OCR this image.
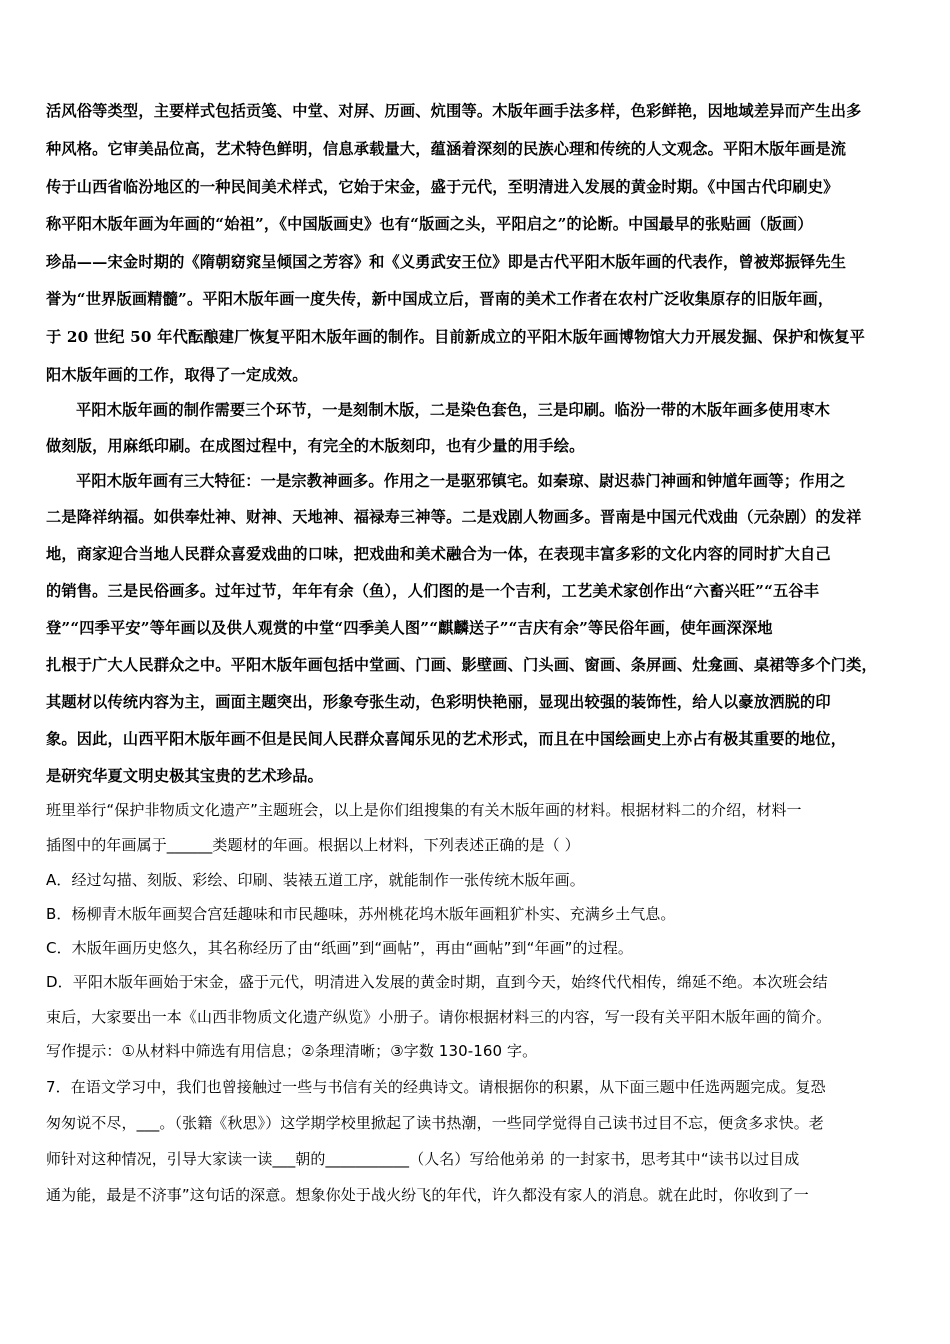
活风俗等类型，主要样式包括贡笺、中堂、对屏、历画、炕围等。木版年画手法多样，色彩鲜艳，因地域差异而产生出多
种风格。它审美品位高，艺术特色鲜明，信息承载量大，蕴涵着深刻的民族心理和传统的人文观念。平阳木版年画是流
传于山西省临汾地区的一种民间美术样式，它始于宋金，盛于元代，至明清进入发展的黄金时期。《中国古代印刷史》
称平阳木版年画为年画的“始祖”，《中国版画史》也有“版画之头，平阳启之”的论断。中国最早的张贴画（版画）
珍品——宋金时期的《隋朝窈窕呈倾国之芳容》和《义勇武安王位》即是古代平阳木版年画的代表作，曾被郑振铎先生
誉为“世界版画精髓”。平阳木版年画一度失传，新中国成立后，晋南的美术工作者在农村广泛收集原存的旧版年画，
于 20 世纪 50 年代酝酿建厂恢复平阳木版年画的制作。目前新成立的平阳木版年画博物馆大力开展发掘、保护和恢复平
阳木版年画的工作，取得了一定成效。
平阳木版年画的制作需要三个环节，一是刻制木版，二是染色套色，三是印刷。临汾一带的木版年画多使用枣木
做刻版，用麻纸印刷。在成图过程中，有完全的木版刻印，也有少量的用手绘。
平阳木版年画有三大特征：一是宗教神画多。作用之一是驱邪镇宅。如秦琼、尉迟恭门神画和钟馗年画等；作用之
二是降祥纳福。如供奉灶神、财神、天地神、福禄寿三神等。二是戏剧人物画多。晋南是中国元代戏曲（元杂剧）的发祥
地，商家迎合当地人民群众喜爱戏曲的口味，把戏曲和美术融合为一体，在表现丰富多彩的文化内容的同时扩大自己
的销售。三是民俗画多。过年过节，年年有余（鱼），人们图的是一个吉利，工艺美术家创作出“六畜兴旺”“五谷丰
登”“四季平安”等年画以及供人观赏的中堂“四季美人图”“麒麟送子”“吉庆有余”等民俗年画，使年画深深地
扎根于广大人民群众之中。平阳木版年画包括中堂画、门画、影壁画、门头画、窗画、条屏画、灶龛画、桌裙等多个门类，
其题材以传统内容为主，画面主题突出，形象夸张生动，色彩明快艳丽，显现出较强的装饰性，给人以豪放洒脱的印
象。因此，山西平阳木版年画不但是民间人民群众喜闻乐见的艺术形式，而且在中国绘画史上亦占有极其重要的地位，
是研究华夏文明史极其宝贵的艺术珍品。
班里举行“保护非物质文化遗产”主题班会，以上是你们组搜集的有关木版年画的材料。根据材料二的介绍，材料一
插图中的年画属于______类题材的年画。根据以上材料，下列表述正确的是（ ）
A．经过勾描、刻版、彩绘、印刷、装裱五道工序，就能制作一张传统木版年画。
B．杨柳青木版年画契合宫廷趣味和市民趣味，苏州桃花坞木版年画粗犷朴实、充满乡土气息。
C．木版年画历史悠久，其名称经历了由“纸画”到“画帖”，再由“画帖”到“年画”的过程。
D．平阳木版年画始于宋金，盛于元代，明清进入发展的黄金时期，直到今天，始终代代相传，绵延不绝。本次班会结
束后，大家要出一本《山西非物质文化遗产纵览》小册子。请你根据材料三的内容，写一段有关平阳木版年画的简介。
写作提示：①从材料中筛选有用信息；②条理清晰；③字数 130-160 字。
7．在语文学习中，我们也曾接触过一些与书信有关的经典诗文。请根据你的积累，从下面三题中任选两题完成。复恐
匆匆说不尽，___。（张籍《秋思》）这学期学校里掀起了读书热潮，一些同学觉得自己读书过目不忘，便贪多求快。老
师针对这种情况，引导大家读一读___朝的___________（人名）写给他弟弟 的一封家书，思考其中“读书以过目成
通为能，最是不济事”这句话的深意。想象你处于战火纷飞的年代，许久都没有家人的消息。就在此时，你收到了一
